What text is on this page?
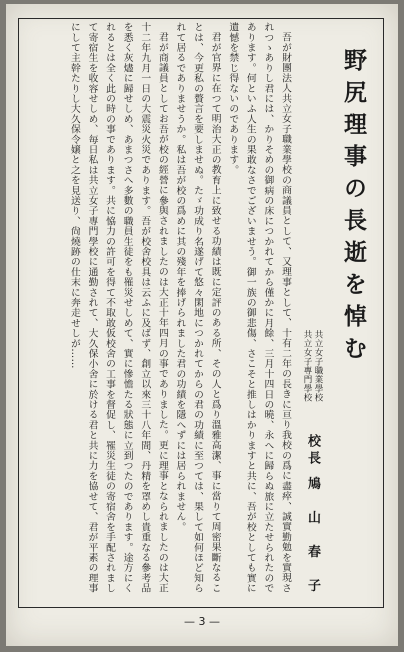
野尻理事の長逝を悼む
共立女子職業學校
共立女子專門學校
校長 鳩　山　春　子
吾が財團法人共立女子職業學校の商議員として、又理事として、十有二年の長きに亘り我校の爲に盡瘁、誠實勤勉を實現されつゝありし君には、かりそめの御病の床につかれてから僅かに月餘、三月十四日の曉、永へに歸らぬ旅に立たせられたのであります。何といふ人生の果敢なさでございませう。御一族の御悲傷、さこそと推しはかりますと共に、吾が校としても實に遺憾を禁じ得ないのであります。
君が官界に在つて明治大正の教育上に致せる功績は既に定評のある所、その人と爲り溫雅高潔、事に當りて周密果斷なることは、今更私の贅言を要しませぬ。たゞ功成り名遂げて悠々閑地につかれてからの君の功績に至つては、果して如何ほど知られて居るでありませうか。私は吾が校の爲めに其の殘年を捧げられました君の功績を隱へずには居られません。
君が商議員としてお吾が校の經營に參與されましたのは大正十年四月の事でありました。更に理事となられましたのは大正十二年九月一日の大震災火災であります。吾が校舍校具は云ふに及ばず、創立以來三十八年間、丹精を罩めし貴重なる參考品を悉く灰燼に歸せしめ、あまつさへ多數の職員生徒をも罹災せしめて、實に慘憺たる狀態に立到つたのであります。途方にくれるとは全く此の時の事であります。共に恊力の許可を得て不取敢仮校舍の工事を督促し、罹災生徒の寄宿舍を手配されまして寄宿生を收容せしめ、毎日私は共立女子專門學校に通勤されて、大久保小舍に於ける君と共に力を協せて、君が平素の理事にして主幹たりし大久保令嬢と之を見送り、尙燒跡の仕末に奔走せしが……
— 3 —
